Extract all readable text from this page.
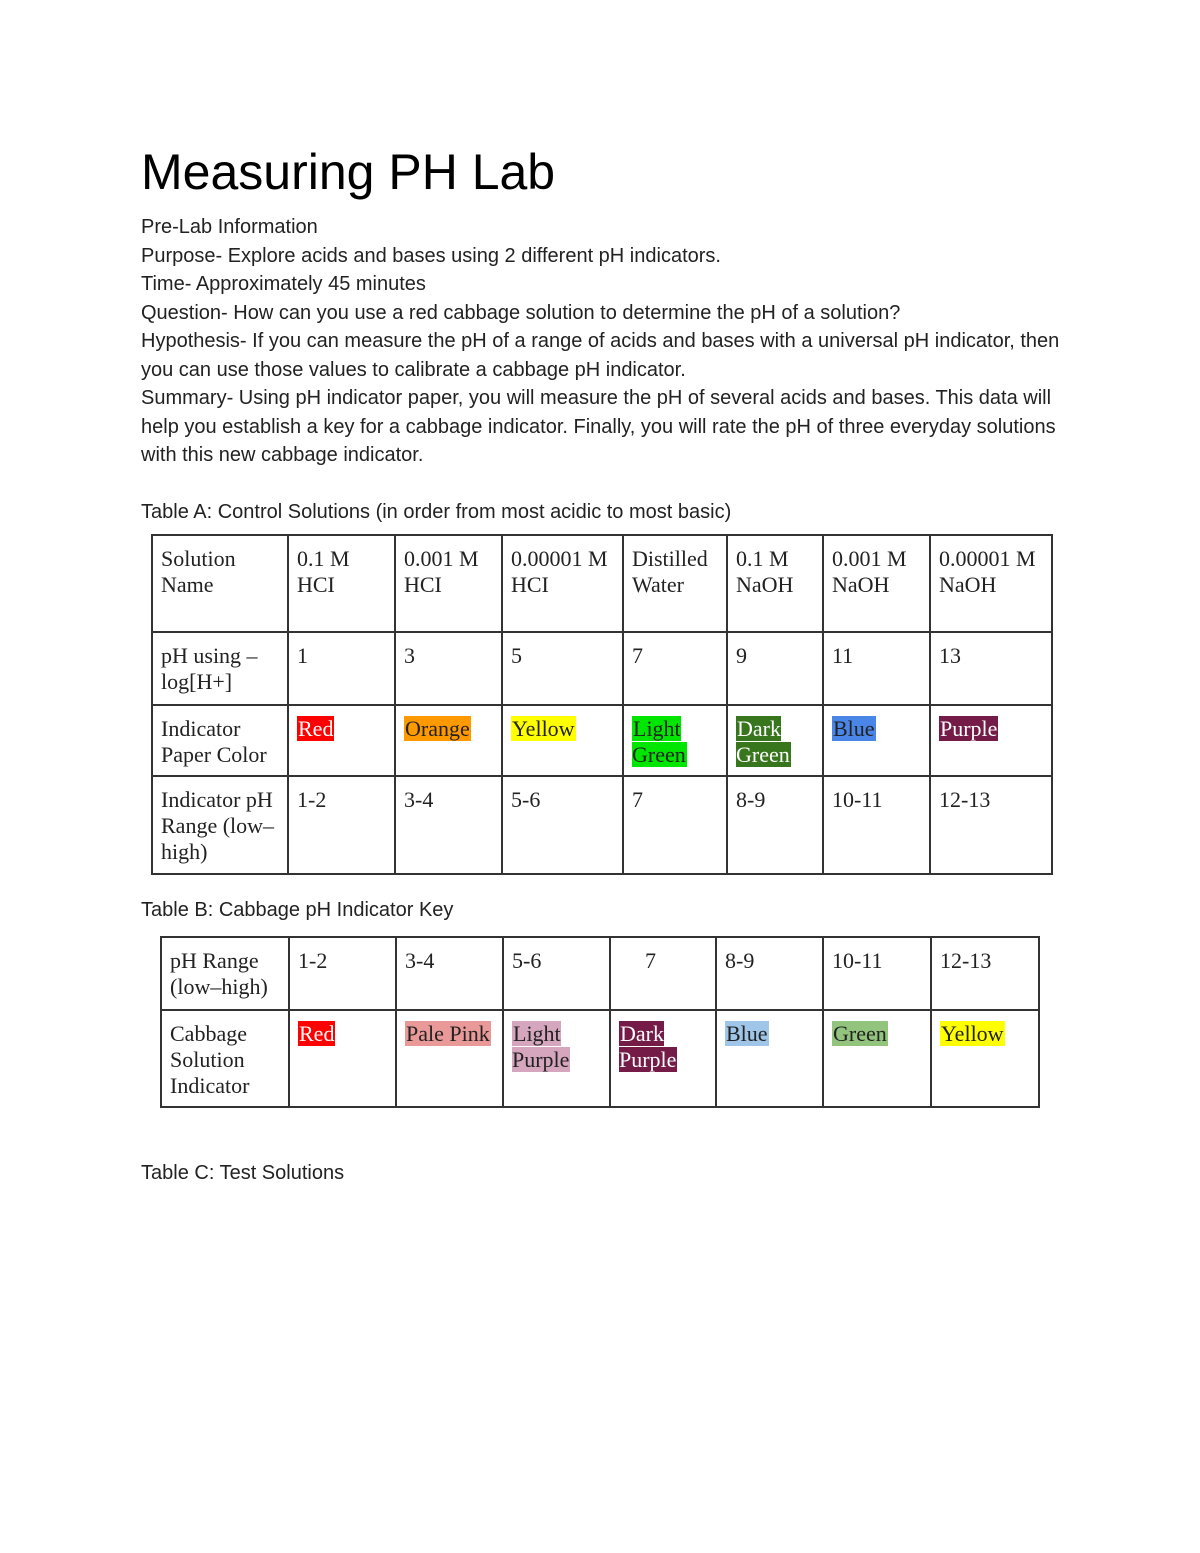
Measuring PH Lab

Pre-Lab Information

Purpose- Explore acids and bases using 2 different pH indicators.

Time- Approximately 45 minutes

Question- How can you use a red cabbage solution to determine the pH of a solution?

Hypothesis- If you can measure the pH of a range of acids and bases with a universal pH indicator, then you can use those values to calibrate a cabbage pH indicator.

Summary- Using pH indicator paper, you will measure the pH of several acids and bases. This data will help you establish a key for a cabbage indicator. Finally, you will rate the pH of three everyday solutions with this new cabbage indicator.

Table A: Control Solutions (in order from most acidic to most basic)
Solution Name	0.1 M HCI	0.001 M HCI	0.00001 M HCI	Distilled Water	0.1 M NaOH	0.001 M NaOH	0.00001 M NaOH
pH using –log[H+]	1	3	5	7	9	11	13
Indicator Paper Color	Red	Orange	Yellow	Light Green	Dark Green	Blue	Purple
Indicator pH Range (low–high)	1-2	3-4	5-6	7	8-9	10-11	12-13
Table B: Cabbage pH Indicator Key
pH Range (low–high)	1-2	3-4	5-6	7	8-9	10-11	12-13
Cabbage Solution Indicator	Red	Pale Pink	Light Purple	Dark Purple	Blue	Green	Yellow
Table C: Test Solutions
